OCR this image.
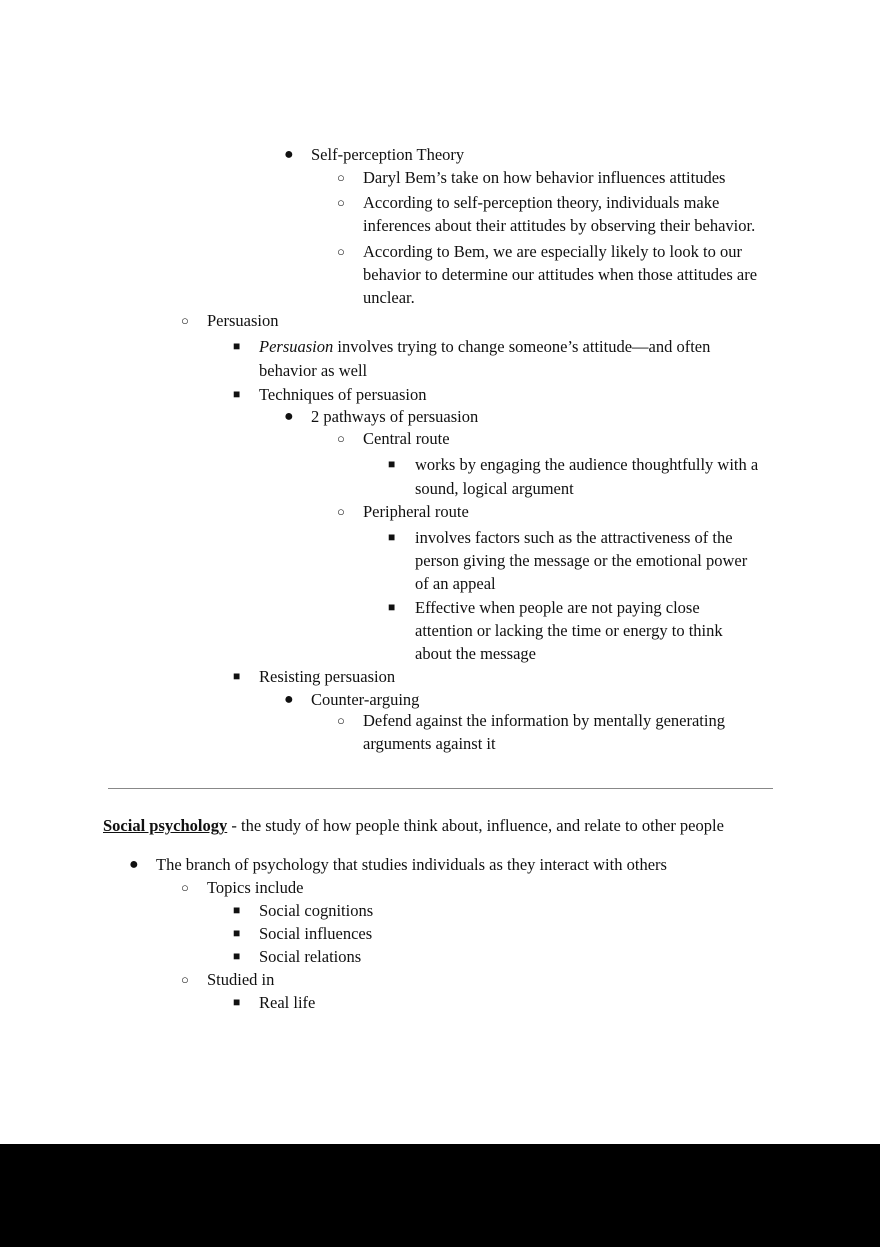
● Self-perception Theory
○ Daryl Bem’s take on how behavior influences attitudes
○ According to self-perception theory, individuals make
inferences about their attitudes by observing their behavior.
○ According to Bem, we are especially likely to look to our
behavior to determine our attitudes when those attitudes are
unclear.
○ Persuasion
■ Persuasion involves trying to change someone’s attitude—and often
behavior as well
■ Techniques of persuasion
● 2 pathways of persuasion
○ Central route
■ works by engaging the audience thoughtfully with a
sound, logical argument
○ Peripheral route
■ involves factors such as the attractiveness of the
person giving the message or the emotional power
of an appeal
■ Effective when people are not paying close
attention or lacking the time or energy to think
about the message
■ Resisting persuasion
● Counter-arguing
○ Defend against the information by mentally generating
arguments against it
Social psychology - the study of how people think about, influence, and relate to other people
● The branch of psychology that studies individuals as they interact with others
○ Topics include
■ Social cognitions
■ Social influences
■ Social relations
○ Studied in
■ Real life
